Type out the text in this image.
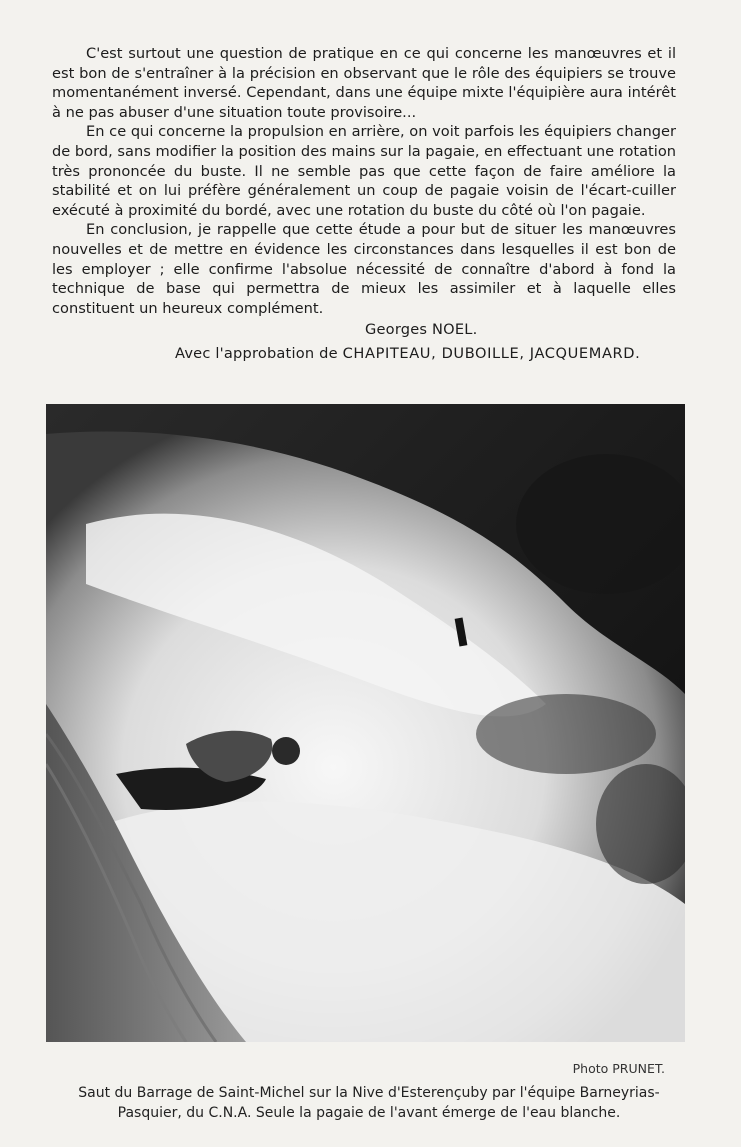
C'est surtout une question de pratique en ce qui concerne les manœuvres et il est bon de s'entraîner à la précision en observant que le rôle des équipiers se trouve momentanément inversé. Cependant, dans une équipe mixte l'équipière aura intérêt à ne pas abuser d'une situation toute provisoire...

En ce qui concerne la propulsion en arrière, on voit parfois les équipiers changer de bord, sans modifier la position des mains sur la pagaie, en effectuant une rotation très prononcée du buste. Il ne semble pas que cette façon de faire améliore la stabilité et on lui préfère généralement un coup de pagaie voisin de l'écart-cuiller exécuté à proximité du bordé, avec une rotation du buste du côté où l'on pagaie.

En conclusion, je rappelle que cette étude a pour but de situer les manœuvres nouvelles et de mettre en évidence les circonstances dans lesquelles il est bon de les employer ; elle confirme l'absolue nécessité de connaître d'abord à fond la technique de base qui permettra de mieux les assimiler et à laquelle elles constituent un heureux complément.

Georges NOEL.
Avec l'approbation de CHAPITEAU, DUBOILLE, JACQUEMARD.
Photo PRUNET.
Saut du Barrage de Saint-Michel sur la Nive d'Esterençuby par l'équipe Barneyrias-Pasquier, du C.N.A. Seule la pagaie de l'avant émerge de l'eau blanche.
